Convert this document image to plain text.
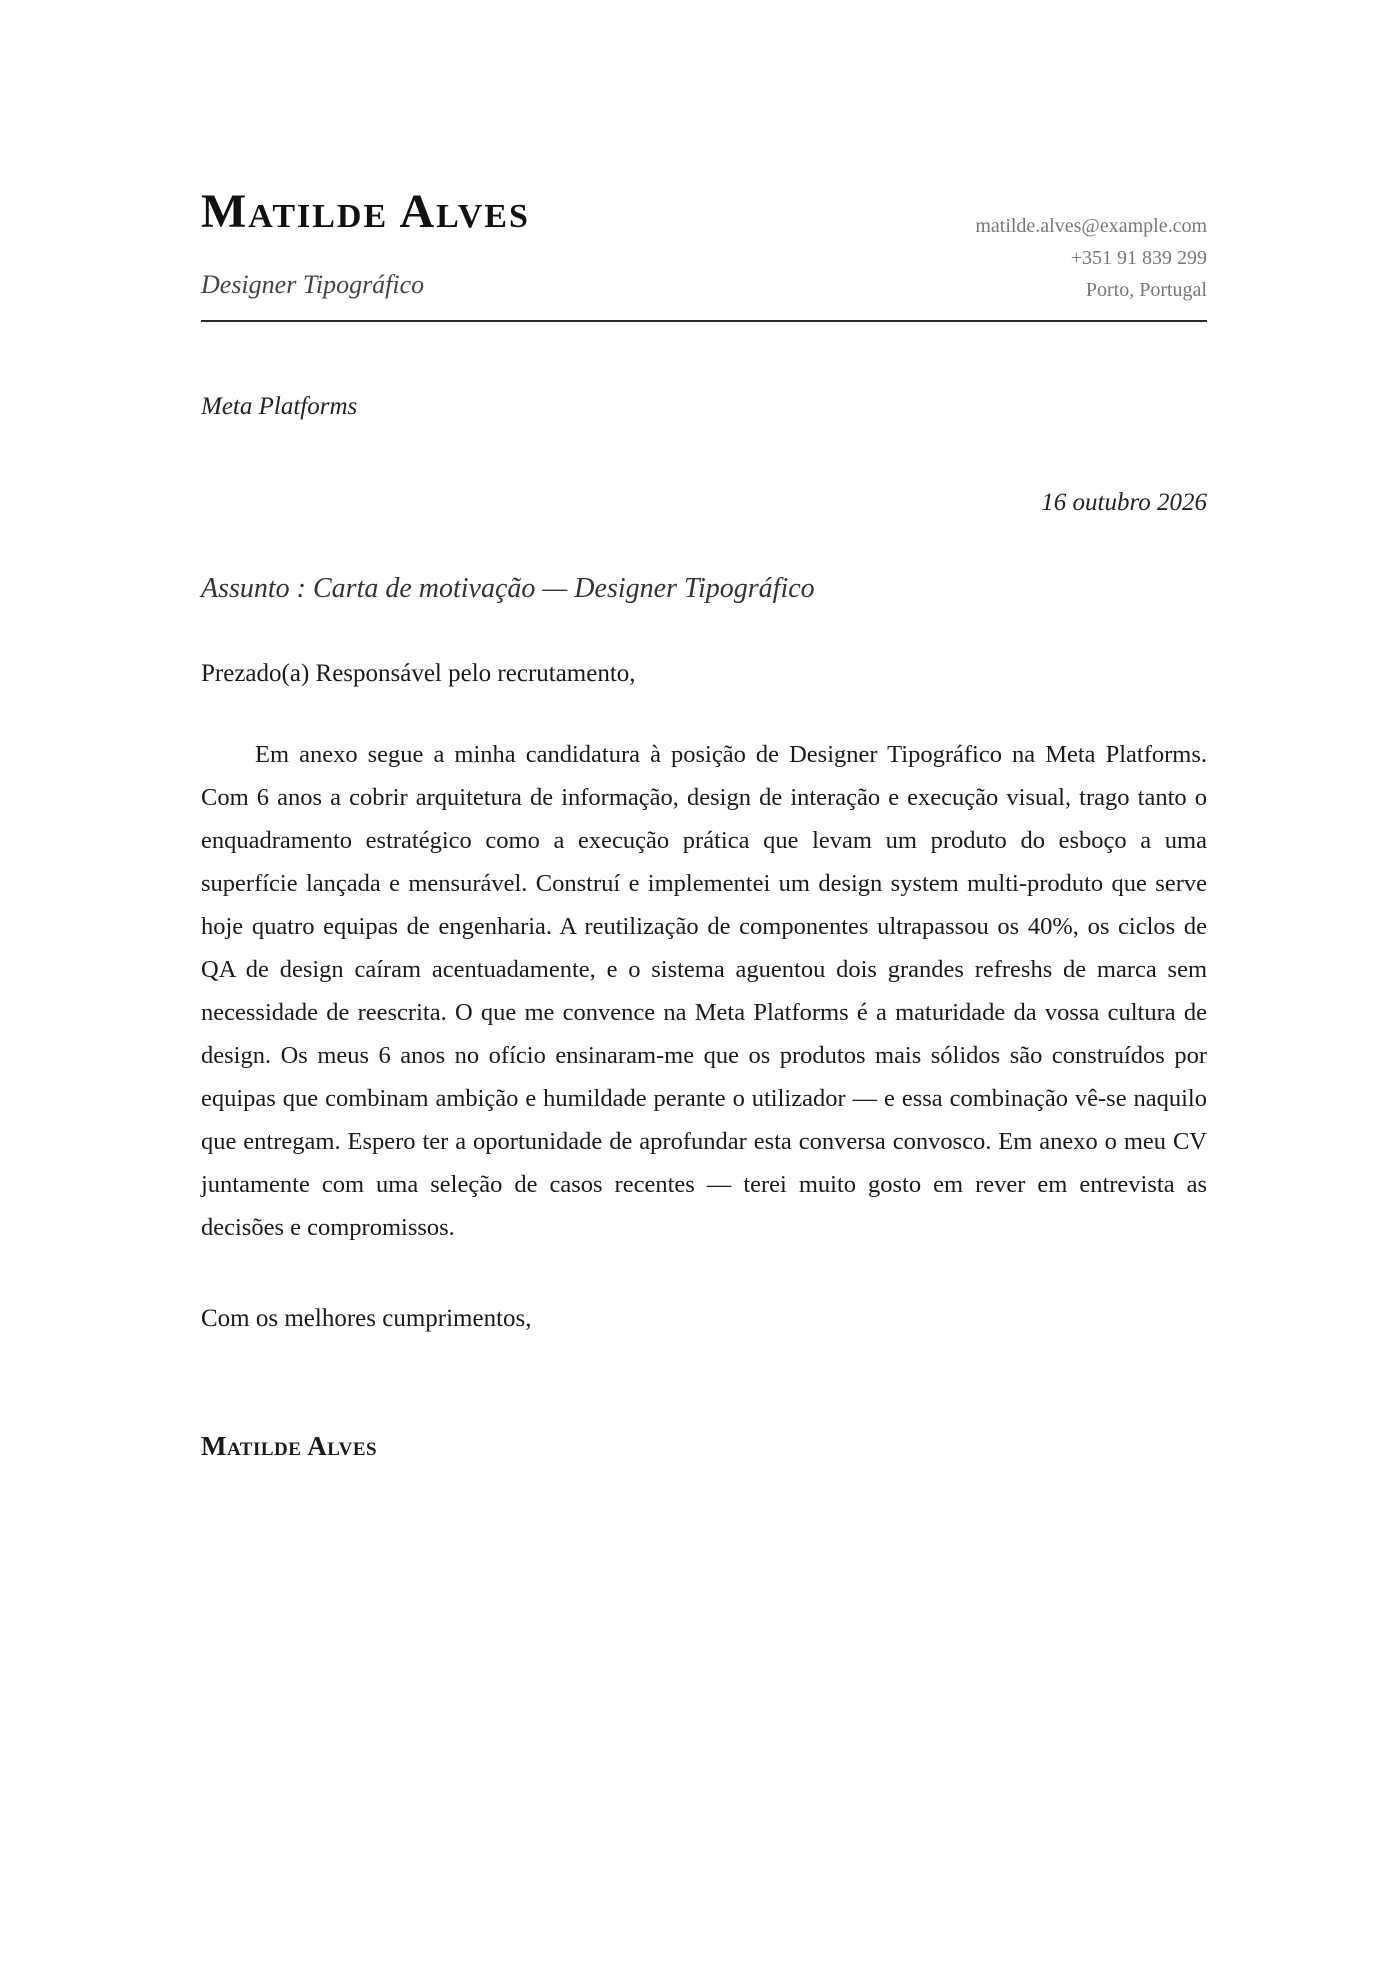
Matilde Alves
Designer Tipográfico
matilde.alves@example.com
+351 91 839 299
Porto, Portugal
Meta Platforms
16 outubro 2026
Assunto : Carta de motivação — Designer Tipográfico
Prezado(a) Responsável pelo recrutamento,

Em anexo segue a minha candidatura à posição de Designer Tipográfico na Meta Platforms. Com 6 anos a cobrir arquitetura de informação, design de interação e execução visual, trago tanto o enquadramento estratégico como a execução prática que levam um produto do esboço a uma superfície lançada e mensurável. Construí e implementei um design system multi-produto que serve hoje quatro equipas de engenharia. A reutilização de componentes ultrapassou os 40%, os ciclos de QA de design caíram acentuadamente, e o sistema aguentou dois grandes refreshs de marca sem necessidade de reescrita. O que me convence na Meta Platforms é a maturidade da vossa cultura de design. Os meus 6 anos no ofício ensinaram-me que os produtos mais sólidos são construídos por equipas que combinam ambição e humildade perante o utilizador — e essa combinação vê-se naquilo que entregam. Espero ter a oportunidade de aprofundar esta conversa convosco. Em anexo o meu CV juntamente com uma seleção de casos recentes — terei muito gosto em rever em entrevista as decisões e compromissos.

Com os melhores cumprimentos,
Matilde Alves
